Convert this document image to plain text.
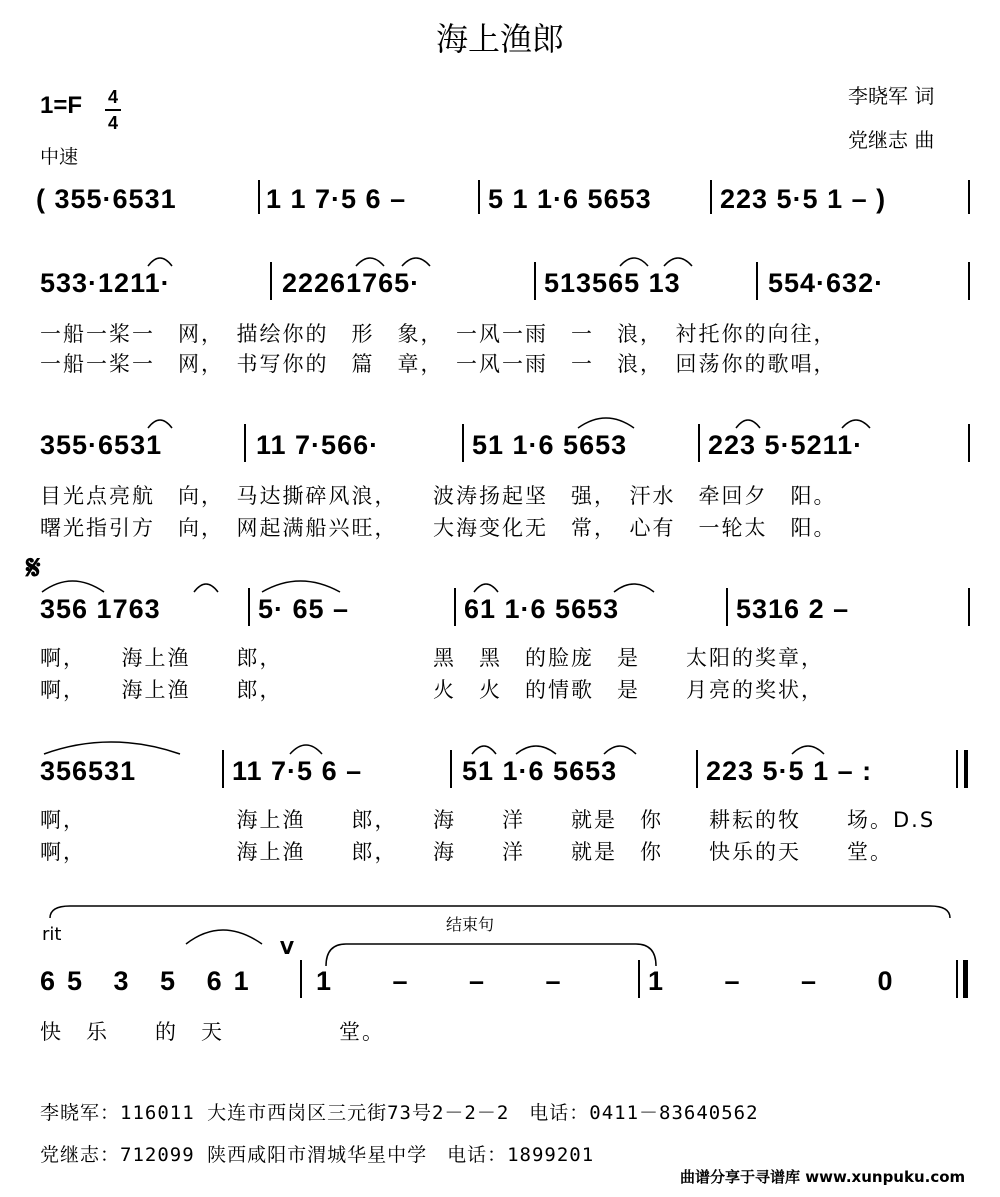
海上渔郎
1=F 4
4
中速
李晓军 词
党继志 曲
( 355·6531	1 1 7·5 6 –	5 1 1·6 5653	223 5·5 1 – )
533·1211·	22261765·	513565 13	554·632·
一船一桨一　网，　描绘你的　形　象，　一风一雨　一　浪，　衬托你的向往，
一船一桨一　网，　书写你的　篇　章，　一风一雨　一　浪，　回荡你的歌唱，
355·6531	11 7·566·	51 1·6 5653	223 5·5211·
目光点亮航　向，　马达撕碎风浪，　　波涛扬起坚　强，　汗水　牵回夕　阳。
曙光指引方　向，　网起满船兴旺，　　大海变化无　常，　心有　一轮太　阳。
𝄋
356 1763	5· 65 –	61 1·6 5653	5316 2 –
啊，　　海上渔　　郎，　　　　　　　黑　黑　的脸庞　是　　太阳的奖章，
啊，　　海上渔　　郎，　　　　　　　火　火　的情歌　是　　月亮的奖状，
356531	11 7·5 6 –	51 1·6 5653	223 5·5 1 – :
啊，　　　　　　　海上渔　　郎，　　海　　洋　　就是　你　　耕耘的牧　　场。D.S
啊，　　　　　　　海上渔　　郎，　　海　　洋　　就是　你　　快乐的天　　堂。
rit	结束句
V
65 3 5 61 1 – – –	1 – – 0
快　乐　　的　天　　　　　堂。
李晓军：116011 大连市西岗区三元街73号2－2－2　电话：0411－83640562
党继志：712099 陕西咸阳市渭城华星中学　电话：1899201
曲谱分享于寻谱库 www.xunpuku.com
